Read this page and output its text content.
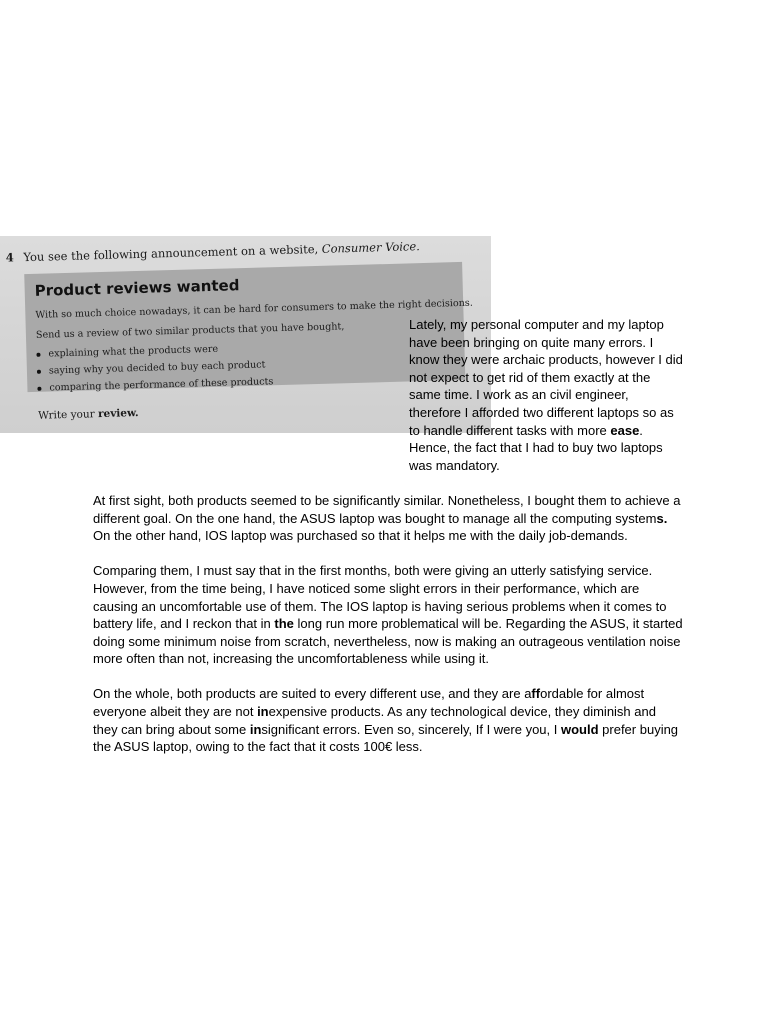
4 You see the following announcement on a website, Consumer Voice.
Product reviews wanted
With so much choice nowadays, it can be hard for consumers to make the right decisions.
Send us a review of two similar products that you have bought,
explaining what the products were
saying why you decided to buy each product
comparing the performance of these products
Write your review.

Lately, my personal computer and my laptop have been bringing on quite many errors. I know they were archaic products, however I did not expect to get rid of them exactly at the same time. I work as an civil engineer, therefore I afforded two different laptops so as to handle different tasks with more ease. Hence, the fact that I had to buy two laptops was mandatory.

At first sight, both products seemed to be significantly similar. Nonetheless, I bought them to achieve a different goal. On the one hand, the ASUS laptop was bought to manage all the computing systems. On the other hand, IOS laptop was purchased so that it helps me with the daily job-demands.

Comparing them, I must say that in the first months, both were giving an utterly satisfying service. However, from the time being, I have noticed some slight errors in their performance, which are causing an uncomfortable use of them. The IOS laptop is having serious problems when it comes to battery life, and I reckon that in the long run more problematical will be. Regarding the ASUS, it started doing some minimum noise from scratch, nevertheless, now is making an outrageous ventilation noise more often than not, increasing the uncomfortableness while using it.

On the whole, both products are suited to every different use, and they are affordable for almost everyone albeit they are not inexpensive products. As any technological device, they diminish and they can bring about some insignificant errors. Even so, sincerely, If I were you, I would prefer buying the ASUS laptop, owing to the fact that it costs 100€ less.
